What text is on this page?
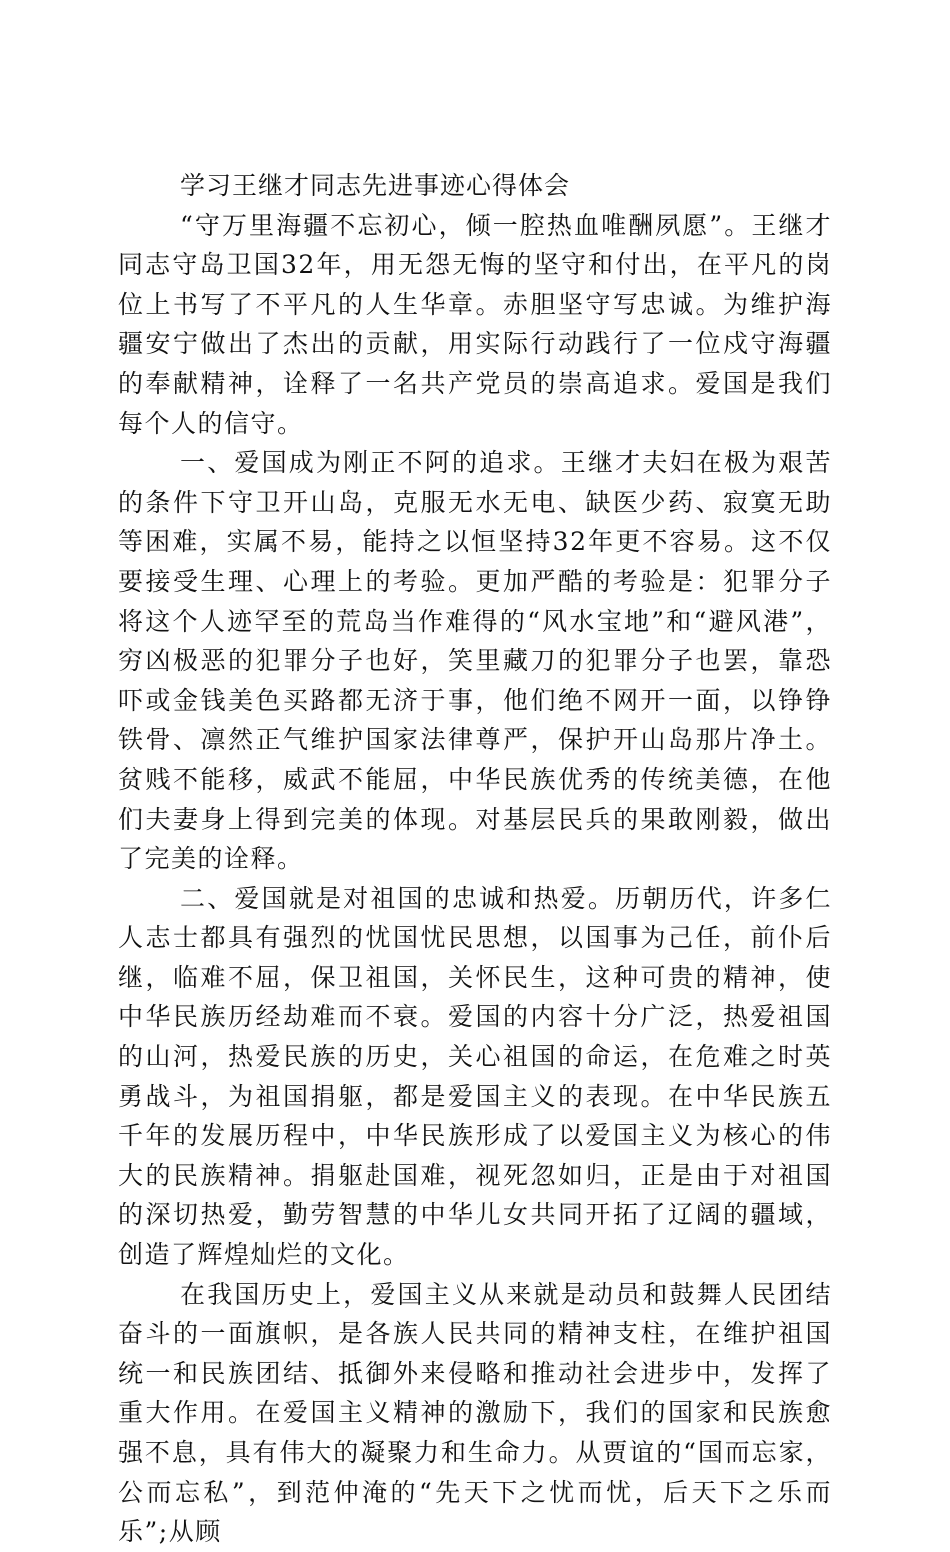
学习王继才同志先进事迹心得体会

“守万里海疆不忘初心，倾一腔热血唯酬夙愿”。王继才同志守岛卫国32年，用无怨无悔的坚守和付出，在平凡的岗位上书写了不平凡的人生华章。赤胆坚守写忠诚。为维护海疆安宁做出了杰出的贡献，用实际行动践行了一位戍守海疆的奉献精神，诠释了一名共产党员的崇高追求。爱国是我们每个人的信守。

一、爱国成为刚正不阿的追求。王继才夫妇在极为艰苦的条件下守卫开山岛，克服无水无电、缺医少药、寂寞无助等困难，实属不易，能持之以恒坚持32年更不容易。这不仅要接受生理、心理上的考验。更加严酷的考验是：犯罪分子将这个人迹罕至的荒岛当作难得的“风水宝地”和“避风港”，穷凶极恶的犯罪分子也好，笑里藏刀的犯罪分子也罢，靠恐吓或金钱美色买路都无济于事，他们绝不网开一面，以铮铮铁骨、凛然正气维护国家法律尊严，保护开山岛那片净土。贫贱不能移，威武不能屈，中华民族优秀的传统美德，在他们夫妻身上得到完美的体现。对基层民兵的果敢刚毅，做出了完美的诠释。

二、爱国就是对祖国的忠诚和热爱。历朝历代，许多仁人志士都具有强烈的忧国忧民思想，以国事为己任，前仆后继，临难不屈，保卫祖国，关怀民生，这种可贵的精神，使中华民族历经劫难而不衰。爱国的内容十分广泛，热爱祖国的山河，热爱民族的历史，关心祖国的命运，在危难之时英勇战斗，为祖国捐躯，都是爱国主义的表现。在中华民族五千年的发展历程中，中华民族形成了以爱国主义为核心的伟大的民族精神。捐躯赴国难，视死忽如归，正是由于对祖国的深切热爱，勤劳智慧的中华儿女共同开拓了辽阔的疆域，创造了辉煌灿烂的文化。

在我国历史上，爱国主义从来就是动员和鼓舞人民团结奋斗的一面旗帜，是各族人民共同的精神支柱，在维护祖国统一和民族团结、抵御外来侵略和推动社会进步中，发挥了重大作用。在爱国主义精神的激励下，我们的国家和民族愈强不息，具有伟大的凝聚力和生命力。从贾谊的“国而忘家，公而忘私”，到范仲淹的“先天下之忧而忧，后天下之乐而乐”;从顾
